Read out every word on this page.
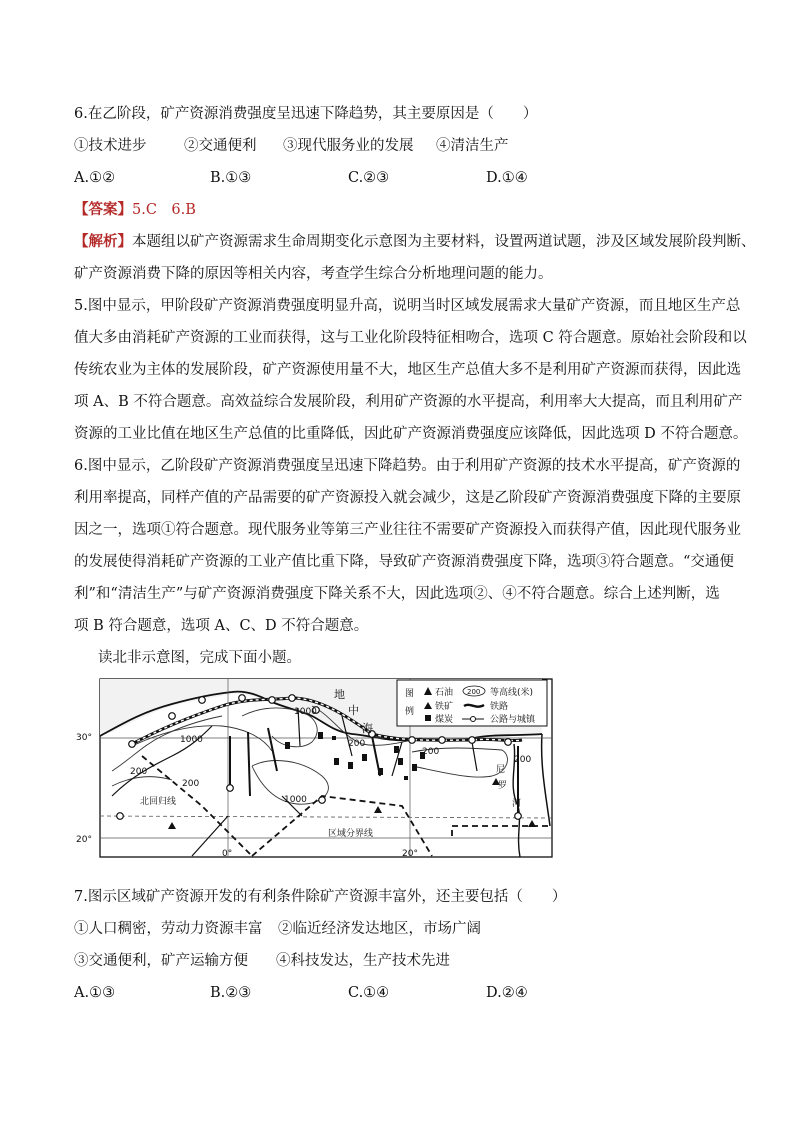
6.在乙阶段，矿产资源消费强度呈迅速下降趋势，其主要原因是（　　）
①技术进步	②交通便利 ③现代服务业的发展 ④清洁生产
A.①②	B.①③	C.②③	D.①④
【答案】5.C　6.B
【解析】本题组以矿产资源需求生命周期变化示意图为主要材料，设置两道试题，涉及区域发展阶段判断、
矿产资源消费下降的原因等相关内容，考查学生综合分析地理问题的能力。
5.图中显示，甲阶段矿产资源消费强度明显升高，说明当时区域发展需求大量矿产资源，而且地区生产总
值大多由消耗矿产资源的工业而获得，这与工业化阶段特征相吻合，选项 C 符合题意。原始社会阶段和以
传统农业为主体的发展阶段，矿产资源使用量不大，地区生产总值大多不是利用矿产资源而获得，因此选
项 A、B 不符合题意。高效益综合发展阶段，利用矿产资源的水平提高，利用率大大提高，而且利用矿产
资源的工业比值在地区生产总值的比重降低，因此矿产资源消费强度应该降低，因此选项 D 不符合题意。
6.图中显示，乙阶段矿产资源消费强度呈迅速下降趋势。由于利用矿产资源的技术水平提高，矿产资源的
利用率提高，同样产值的产品需要的矿产资源投入就会减少，这是乙阶段矿产资源消费强度下降的主要原
因之一，选项①符合题意。现代服务业等第三产业往往不需要矿产资源投入而获得产值，因此现代服务业
的发展使得消耗矿产资源的工业产值比重下降，导致矿产资源消费强度下降，选项③符合题意。“交通便
利”和“清洁生产”与矿产资源消费强度下降关系不大，因此选项②、④不符合题意。综合上述判断，选
项 B 符合题意，选项 A、C、D 不符合题意。
读北非示意图，完成下面小题。
图
例
石油 200 等高线(米)
铁矿	铁路
煤炭	公路与城镇
地
中
海
30°
20°
0°	20°
尼
罗
河
1000
1000
200
200
200
200
1000
200
北回归线
区域分界线
7.图示区域矿产资源开发的有利条件除矿产资源丰富外，还主要包括（　　）
①人口稠密，劳动力资源丰富 ②临近经济发达地区，市场广阔
③交通便利，矿产运输方便 ④科技发达，生产技术先进
A.①③	B.②③	C.①④	D.②④
